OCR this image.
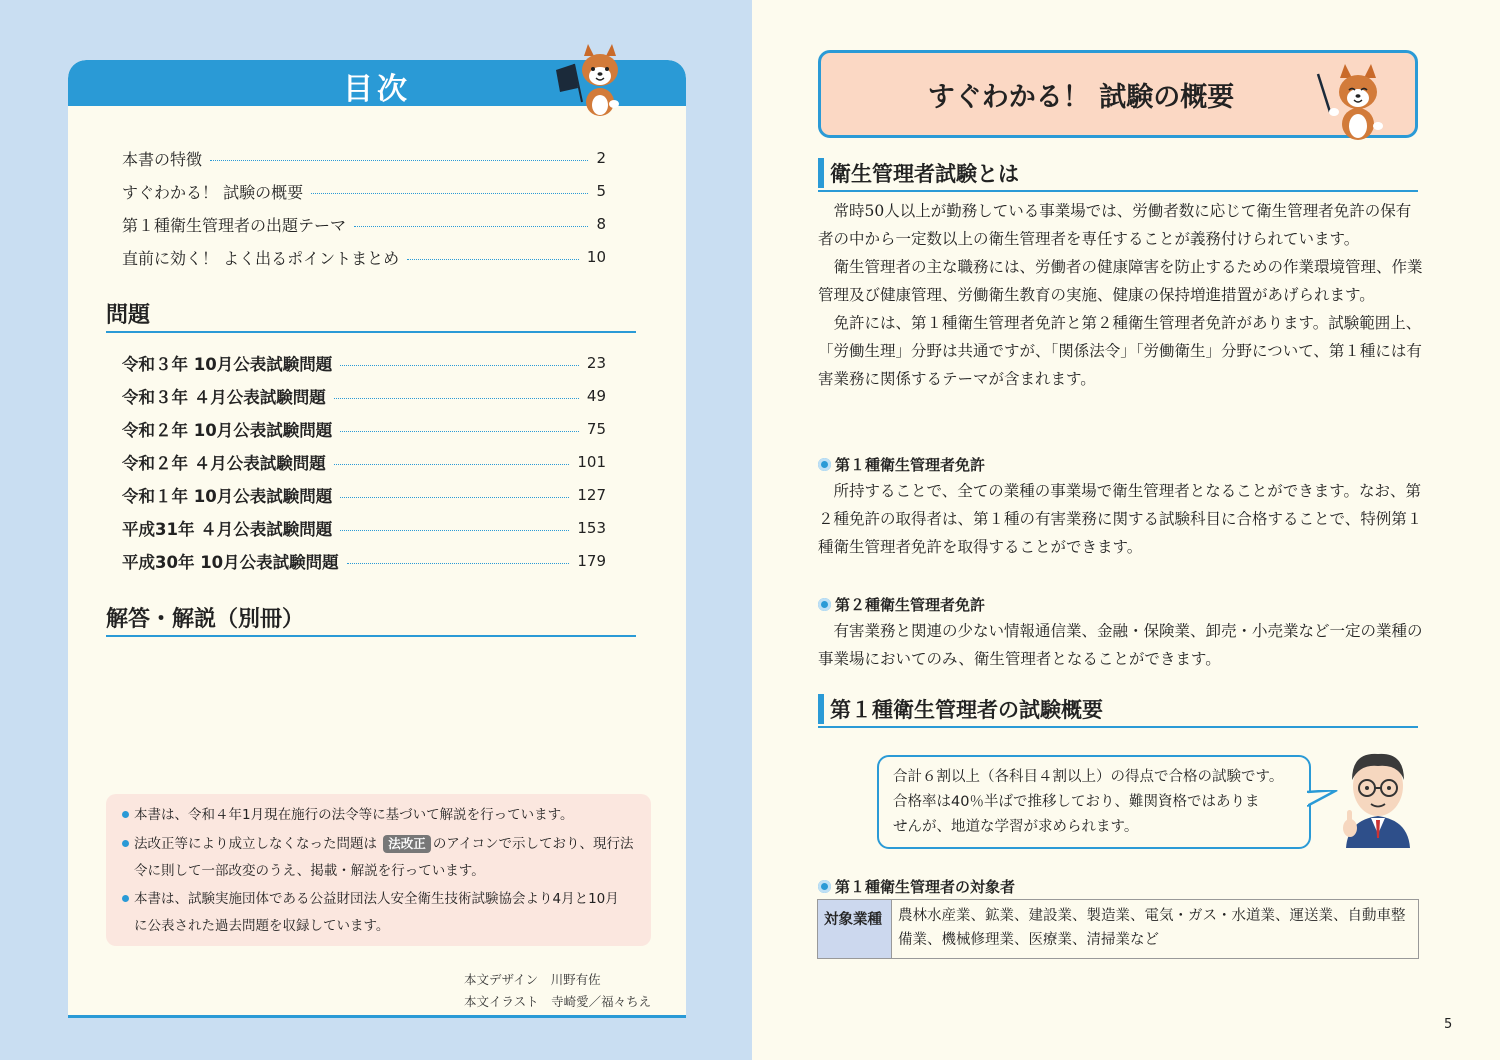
目次
本書の特徴	2
すぐわかる！ 試験の概要	5
第１種衛生管理者の出題テーマ	8
直前に効く！ よく出るポイントまとめ	10
問題
令和３年 10月公表試験問題	23
令和３年 ４月公表試験問題	49
令和２年 10月公表試験問題	75
令和２年 ４月公表試験問題	101
令和１年 10月公表試験問題	127
平成31年 ４月公表試験問題	153
平成30年 10月公表試験問題	179
解答・解説（別冊）
本書は、令和４年1月現在施行の法令等に基づいて解説を行っています。
法改正等により成立しなくなった問題は 法改正 のアイコンで示しており、現行法
令に則して一部改変のうえ、掲載・解説を行っています。
本書は、試験実施団体である公益財団法人安全衛生技術試験協会より4月と10月
に公表された過去問題を収録しています。
本文デザイン　川野有佐
本文イラスト　寺崎愛／福々ちえ
すぐわかる！ 試験の概要
衛生管理者試験とは

常時50人以上が勤務している事業場では、労働者数に応じて衛生管理者免許の保有者の中から一定数以上の衛生管理者を専任することが義務付けられています。

衛生管理者の主な職務には、労働者の健康障害を防止するための作業環境管理、作業管理及び健康管理、労働衛生教育の実施、健康の保持増進措置があげられます。

免許には、第１種衛生管理者免許と第２種衛生管理者免許があります。試験範囲上、「労働生理」分野は共通ですが、「関係法令」「労働衛生」分野について、第１種には有害業務に関係するテーマが含まれます。

第１種衛生管理者免許

所持することで、全ての業種の事業場で衛生管理者となることができます。なお、第２種免許の取得者は、第１種の有害業務に関する試験科目に合格することで、特例第１種衛生管理者免許を取得することができます。

第２種衛生管理者免許

有害業務と関連の少ない情報通信業、金融・保険業、卸売・小売業など一定の業種の事業場においてのみ、衛生管理者となることができます。

第１種衛生管理者の試験概要
合計６割以上（各科目４割以上）の得点で合格の試験です。
合格率は40％半ばで推移しており、難関資格ではありま
せんが、地道な学習が求められます。
第１種衛生管理者の対象者
対象業種	農林水産業、鉱業、建設業、製造業、電気・ガス・水道業、運送業、自動車整備業、機械修理業、医療業、清掃業など
5
